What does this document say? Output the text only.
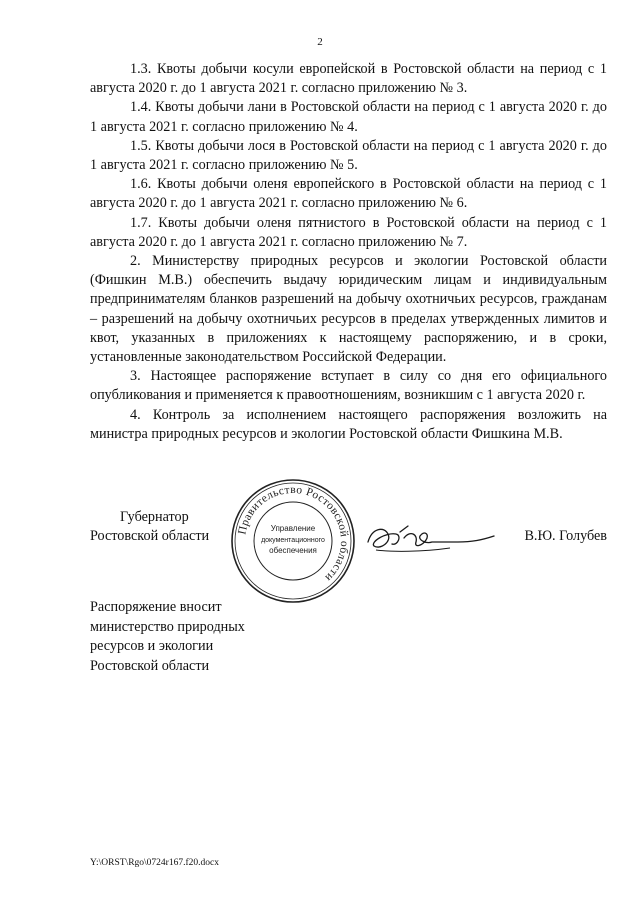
2

1.3. Квоты добычи косули европейской в Ростовской области на период с 1 августа 2020 г. до 1 августа 2021 г. согласно приложению № 3.

1.4. Квоты добычи лани в Ростовской области на период с 1 августа 2020 г. до 1 августа 2021 г. согласно приложению № 4.

1.5. Квоты добычи лося в Ростовской области на период с 1 августа 2020 г. до 1 августа 2021 г. согласно приложению № 5.

1.6. Квоты добычи оленя европейского в Ростовской области на период с 1 августа 2020 г. до 1 августа 2021 г. согласно приложению № 6.

1.7. Квоты добычи оленя пятнистого в Ростовской области на период с 1 августа 2020 г. до 1 августа 2021 г. согласно приложению № 7.

2. Министерству природных ресурсов и экологии Ростовской области (Фишкин М.В.) обеспечить выдачу юридическим лицам и индивидуальным предпринимателям бланков разрешений на добычу охотничьих ресурсов, гражданам – разрешений на добычу охотничьих ресурсов в пределах утвержденных лимитов и квот, указанных в приложениях к настоящему распоряжению, и в сроки, установленные законодательством Российской Федерации.

3. Настоящее распоряжение вступает в силу со дня его официального опубликования и применяется к правоотношениям, возникшим с 1 августа 2020 г.

4. Контроль за исполнением настоящего распоряжения возложить на министра природных ресурсов и экологии Ростовской области Фишкина М.В.

Губернатор
Ростовской области	В.Ю. Голубев
Правительство Ростовской области
Управление
документационного
обеспечения
Распоряжение вносит
министерство природных
ресурсов и экологии
Ростовской области
Y:\ORST\Rgo\0724r167.f20.docx
